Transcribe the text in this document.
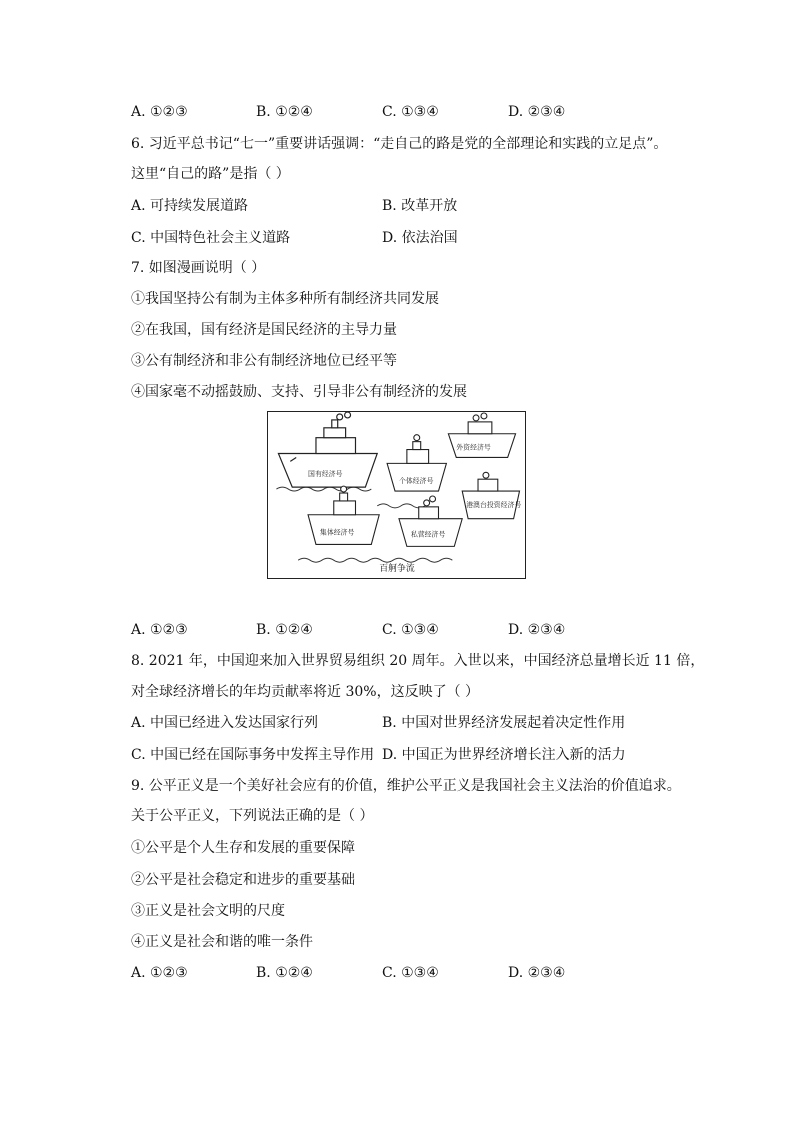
A. ①②③	B. ①②④	C. ①③④	D. ②③④
6. 习近平总书记“七一”重要讲话强调：“走自己的路是党的全部理论和实践的立足点”。
这里“自己的路”是指（ ）
A. 可持续发展道路	B. 改革开放
C. 中国特色社会主义道路	D. 依法治国
7. 如图漫画说明（ ）
①我国坚持公有制为主体多种所有制经济共同发展
②在我国，国有经济是国民经济的主导力量
③公有制经济和非公有制经济地位已经平等
④国家毫不动摇鼓励、支持、引导非公有制经济的发展
国有经济号
个体经济号
外资经济号
港澳台投资经济号
集体经济号	私营经济号
百舸争流
A. ①②③	B. ①②④	C. ①③④	D. ②③④
8. 2021 年，中国迎来加入世界贸易组织 20 周年。入世以来，中国经济总量增长近 11 倍，
对全球经济增长的年均贡献率将近 30%，这反映了（ ）
A. 中国已经进入发达国家行列	B. 中国对世界经济发展起着决定性作用
C. 中国已经在国际事务中发挥主导作用 D. 中国正为世界经济增长注入新的活力
9. 公平正义是一个美好社会应有的价值，维护公平正义是我国社会主义法治的价值追求。
关于公平正义，下列说法正确的是（ ）
①公平是个人生存和发展的重要保障
②公平是社会稳定和进步的重要基础
③正义是社会文明的尺度
④正义是社会和谐的唯一条件
A. ①②③	B. ①②④	C. ①③④	D. ②③④
